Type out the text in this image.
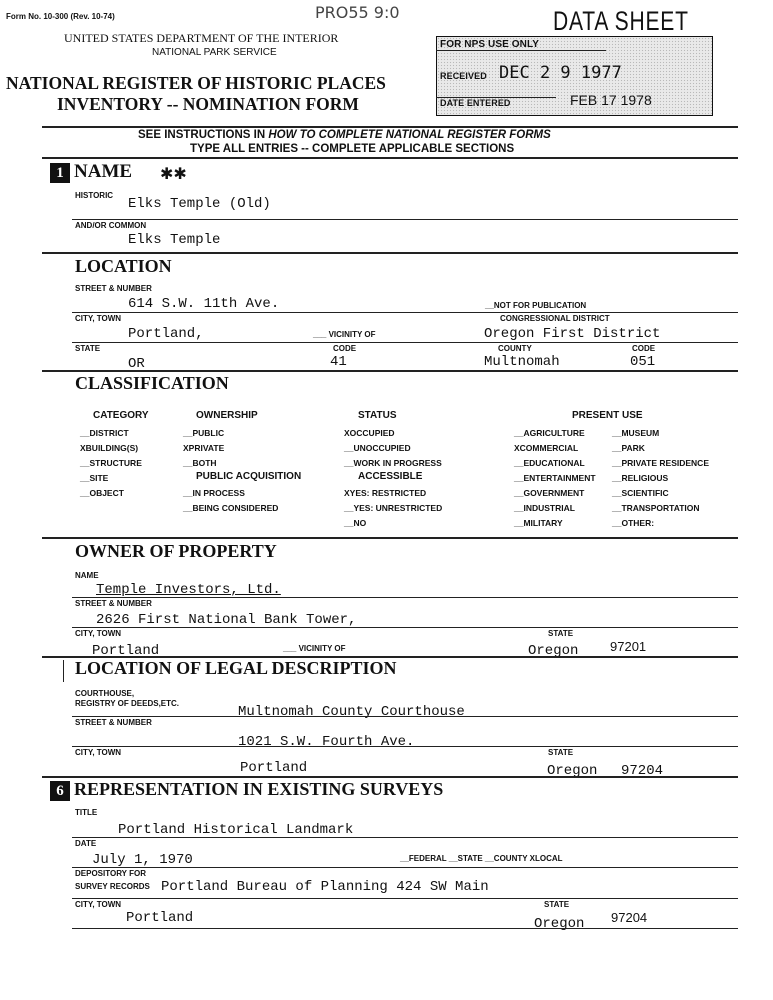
Form No. 10-300 (Rev. 10-74)	PRO55 9:0	DATA SHEET
UNITED STATES DEPARTMENT OF THE INTERIOR
NATIONAL PARK SERVICE
NATIONAL REGISTER OF HISTORIC PLACES
INVENTORY -- NOMINATION FORM
FOR NPS USE ONLY
RECEIVED DEC 2 9 1977
DATE ENTERED	FEB 17 1978
SEE INSTRUCTIONS IN HOW TO COMPLETE NATIONAL REGISTER FORMS
TYPE ALL ENTRIES -- COMPLETE APPLICABLE SECTIONS
1 NAME ✱✱
HISTORIC
Elks Temple (Old)
AND/OR COMMON
Elks Temple
LOCATION
STREET & NUMBER
614 S.W. 11th Ave.	__NOT FOR PUBLICATION
CITY, TOWN
Portland,	___ VICINITY OF
CONGRESSIONAL DISTRICT
Oregon First District
STATE
OR
CODE
41
COUNTY
Multnomah
CODE
051
CLASSIFICATION
CATEGORY
__DISTRICT
XBUILDING(S)
__STRUCTURE
__SITE
__OBJECT
OWNERSHIP
__PUBLIC
XPRIVATE
__BOTH
PUBLIC ACQUISITION
__IN PROCESS
__BEING CONSIDERED
STATUS
XOCCUPIED
__UNOCCUPIED
__WORK IN PROGRESS
ACCESSIBLE
XYES: RESTRICTED
__YES: UNRESTRICTED
__NO
PRESENT USE
__AGRICULTURE
XCOMMERCIAL
__EDUCATIONAL
__ENTERTAINMENT
__GOVERNMENT
__INDUSTRIAL
__MILITARY
__MUSEUM
__PARK
__PRIVATE RESIDENCE
__RELIGIOUS
__SCIENTIFIC
__TRANSPORTATION
__OTHER:
OWNER OF PROPERTY
NAME
Temple Investors, Ltd.
STREET & NUMBER
2626 First National Bank Tower,
CITY, TOWN
Portland	___ VICINITY OF
STATE
Oregon 97201
LOCATION OF LEGAL DESCRIPTION
COURTHOUSE,
REGISTRY OF DEEDS,ETC.
Multnomah County Courthouse
STREET & NUMBER
1021 S.W. Fourth Ave.
CITY, TOWN
Portland
STATE
Oregon 97204
6 REPRESENTATION IN EXISTING SURVEYS
TITLE
Portland Historical Landmark
DATE
July 1, 1970	__FEDERAL __STATE __COUNTY XLOCAL
DEPOSITORY FOR
SURVEY RECORDS Portland Bureau of Planning 424 SW Main
CITY, TOWN
Portland
STATE
Oregon 97204
